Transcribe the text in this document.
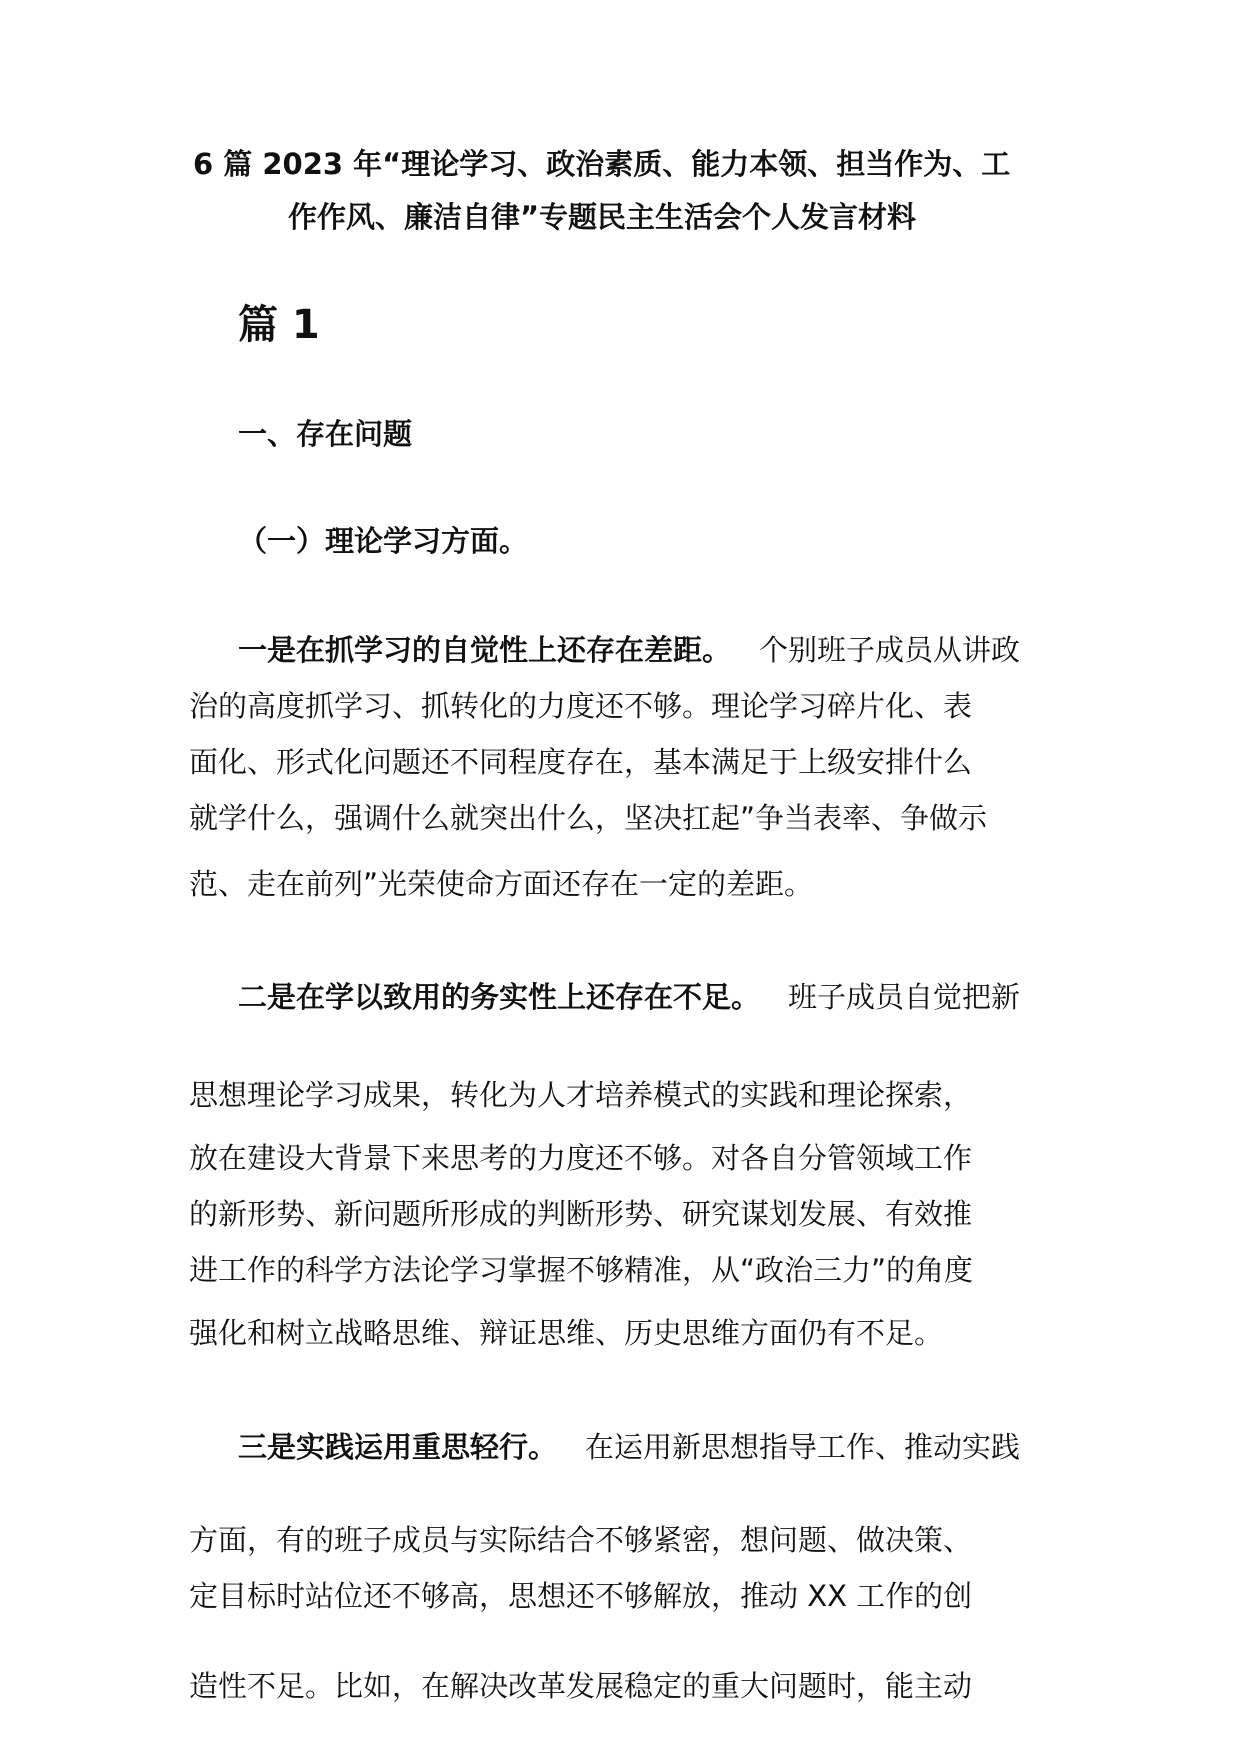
6 篇 2023 年“理论学习、政治素质、能力本领、担当作为、工
作作风、廉洁自律”专题民主生活会个人发言材料
篇 1
一、存在问题
（一）理论学习方面。
一是在抓学习的自觉性上还存在差距。 个别班子成员从讲政
治的高度抓学习、抓转化的力度还不够。理论学习碎片化、表
面化、形式化问题还不同程度存在，基本满足于上级安排什么
就学什么，强调什么就突出什么，坚决扛起”争当表率、争做示
范、走在前列”光荣使命方面还存在一定的差距。
二是在学以致用的务实性上还存在不足。 班子成员自觉把新
思想理论学习成果，转化为人才培养模式的实践和理论探索，
放在建设大背景下来思考的力度还不够。对各自分管领域工作
的新形势、新问题所形成的判断形势、研究谋划发展、有效推
进工作的科学方法论学习掌握不够精准，从“政治三力”的角度
强化和树立战略思维、辩证思维、历史思维方面仍有不足。
三是实践运用重思轻行。 在运用新思想指导工作、推动实践
方面，有的班子成员与实际结合不够紧密，想问题、做决策、
定目标时站位还不够高，思想还不够解放，推动 XX 工作的创
造性不足。比如，在解决改革发展稳定的重大问题时，能主动
